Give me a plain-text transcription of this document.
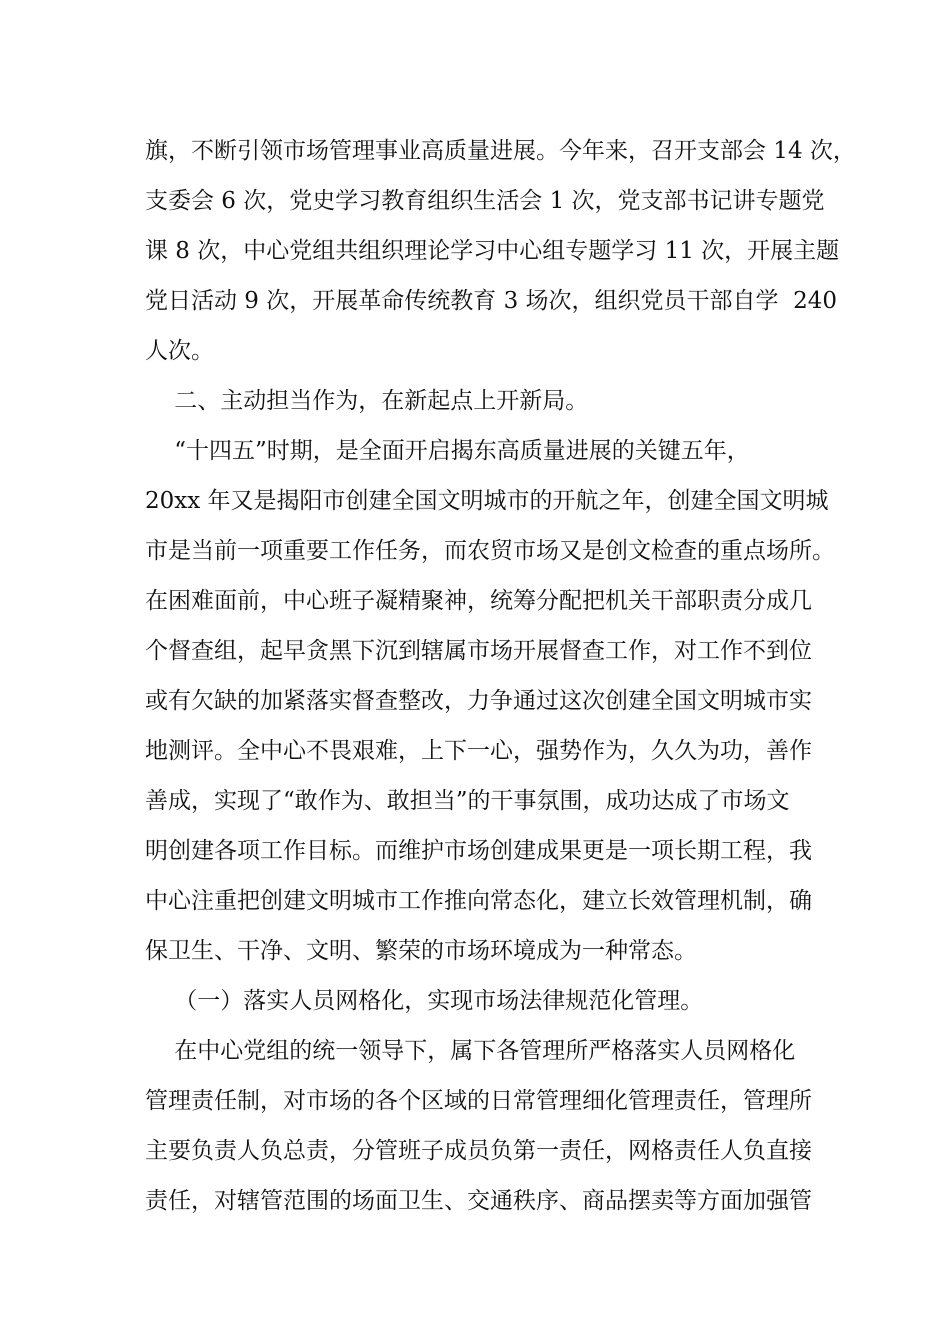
旗，不断引领市场管理事业高质量进展。今年来，召开支部会 14 次，
支委会 6 次，党史学习教育组织生活会 1 次，党支部书记讲专题党
课 8 次，中心党组共组织理论学习中心组专题学习 11 次，开展主题
党日活动 9 次，开展革命传统教育 3 场次，组织党员干部自学  240
人次。
二、主动担当作为，在新起点上开新局。
“十四五”时期，是全面开启揭东高质量进展的关键五年，
20xx 年又是揭阳市创建全国文明城市的开航之年，创建全国文明城
市是当前一项重要工作任务，而农贸市场又是创文检查的重点场所。
在困难面前，中心班子凝精聚神，统筹分配把机关干部职责分成几
个督查组，起早贪黑下沉到辖属市场开展督查工作，对工作不到位
或有欠缺的加紧落实督查整改，力争通过这次创建全国文明城市实
地测评。全中心不畏艰难，上下一心，强势作为，久久为功，善作
善成，实现了“敢作为、敢担当”的干事氛围，成功达成了市场文
明创建各项工作目标。而维护市场创建成果更是一项长期工程，我
中心注重把创建文明城市工作推向常态化，建立长效管理机制，确
保卫生、干净、文明、繁荣的市场环境成为一种常态。
（一）落实人员网格化，实现市场法律规范化管理。
在中心党组的统一领导下，属下各管理所严格落实人员网格化
管理责任制，对市场的各个区域的日常管理细化管理责任，管理所
主要负责人负总责，分管班子成员负第一责任，网格责任人负直接
责任，对辖管范围的场面卫生、交通秩序、商品摆卖等方面加强管
